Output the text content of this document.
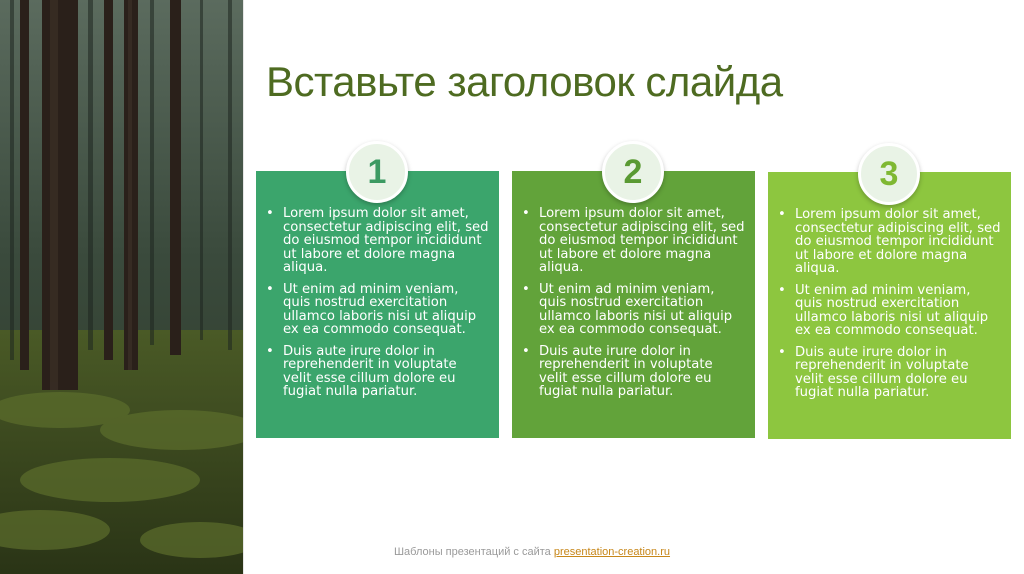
Вставьте заголовок слайда
• Lorem ipsum dolor sit amet, consectetur adipiscing elit, sed do eiusmod tempor incididunt ut labore et dolore magna aliqua.
• Ut enim ad minim veniam, quis nostrud exercitation ullamco laboris nisi ut aliquip ex ea commodo consequat.
• Duis aute irure dolor in reprehenderit in voluptate velit esse cillum dolore eu fugiat nulla pariatur.
1
• Lorem ipsum dolor sit amet, consectetur adipiscing elit, sed do eiusmod tempor incididunt ut labore et dolore magna aliqua.
• Ut enim ad minim veniam, quis nostrud exercitation ullamco laboris nisi ut aliquip ex ea commodo consequat.
• Duis aute irure dolor in reprehenderit in voluptate velit esse cillum dolore eu fugiat nulla pariatur.
2
• Lorem ipsum dolor sit amet, consectetur adipiscing elit, sed do eiusmod tempor incididunt ut labore et dolore magna aliqua.
• Ut enim ad minim veniam, quis nostrud exercitation ullamco laboris nisi ut aliquip ex ea commodo consequat.
• Duis aute irure dolor in reprehenderit in voluptate velit esse cillum dolore eu fugiat nulla pariatur.
3
Шаблоны презентаций с сайта presentation-creation.ru
